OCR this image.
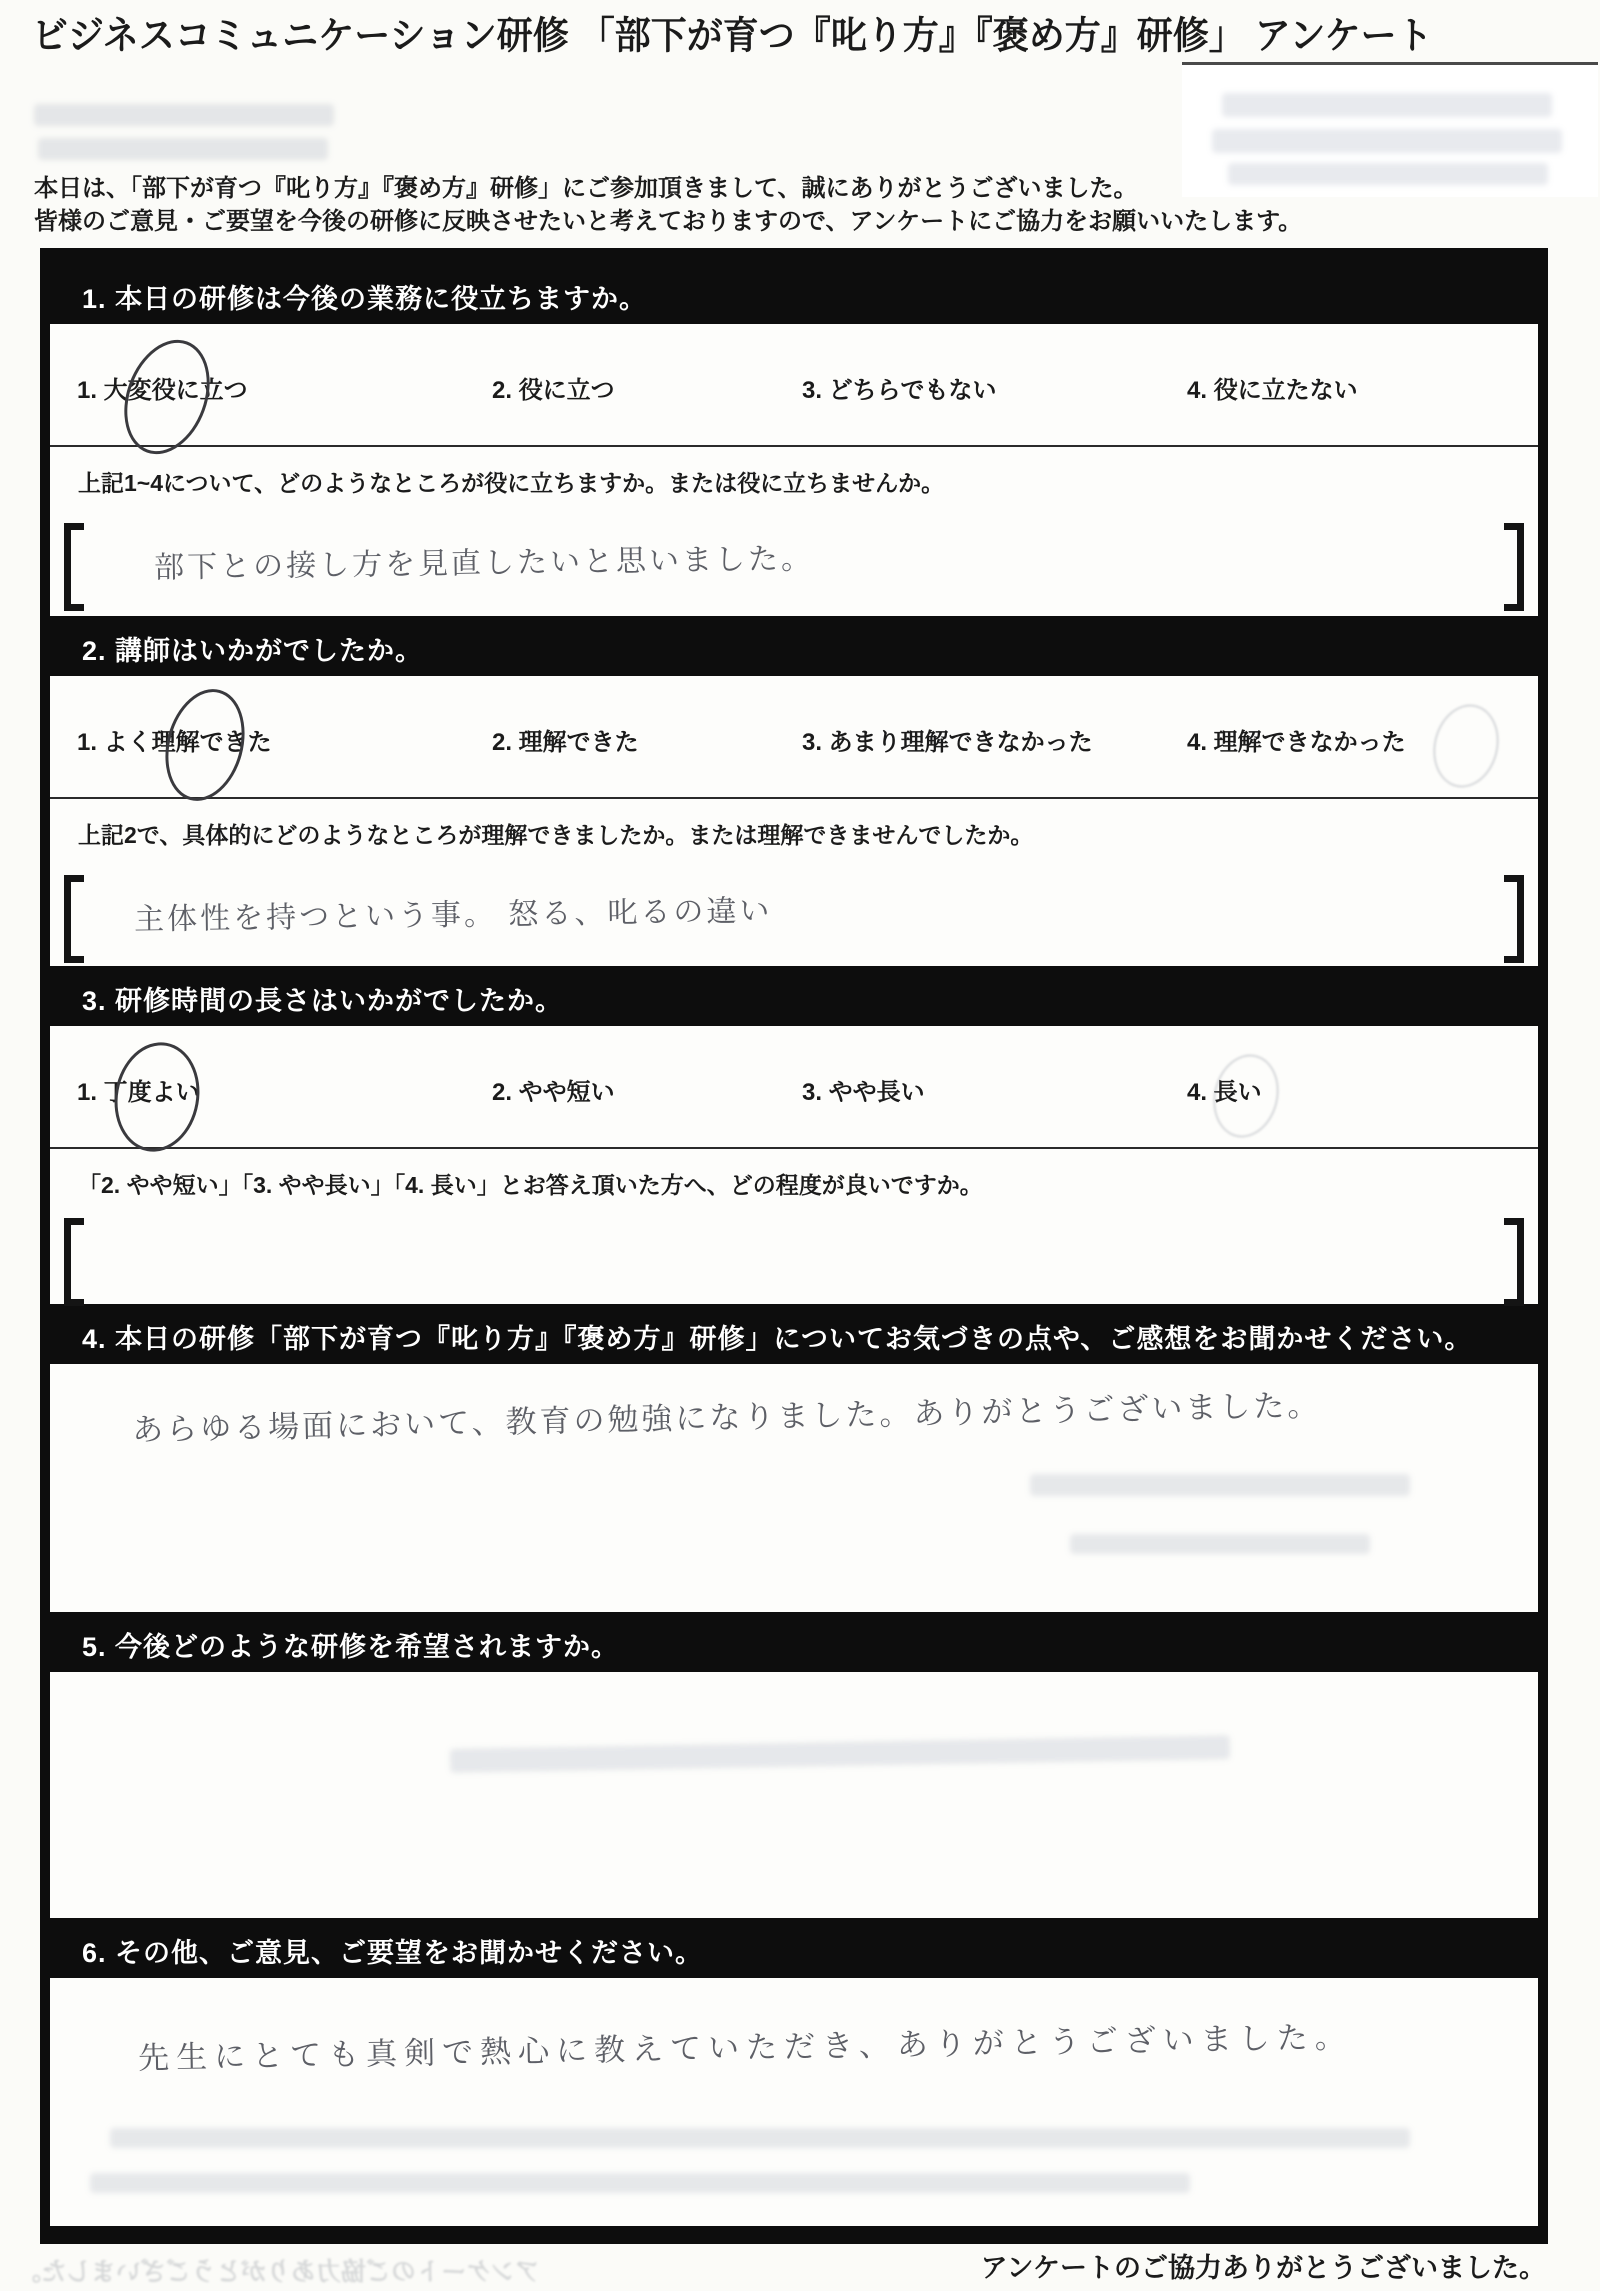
ビジネスコミュニケーション研修 「部下が育つ『叱り方』『褒め方』研修」 アンケート
本日は、「部下が育つ『叱り方』『褒め方』研修」にご参加頂きまして、誠にありがとうございました。
皆様のご意見・ご要望を今後の研修に反映させたいと考えておりますので、アンケートにご協力をお願いいたします。
1. 本日の研修は今後の業務に役立ちますか。
1. 大変役に立つ	2. 役に立つ	3. どちらでもない	4. 役に立たない
上記1~4について、どのようなところが役に立ちますか。または役に立ちませんか。
部下との接し方を見直したいと思いました。
2. 講師はいかがでしたか。
1. よく理解できた	2. 理解できた	3. あまり理解できなかった	4. 理解できなかった
上記2で、具体的にどのようなところが理解できましたか。または理解できませんでしたか。
主体性を持つという事。 怒る、叱るの違い
3. 研修時間の長さはいかがでしたか。
1. 丁度よい	2. やや短い	3. やや長い	4. 長い
「2. やや短い」「3. やや長い」「4. 長い」とお答え頂いた方へ、どの程度が良いですか。
4. 本日の研修「部下が育つ『叱り方』『褒め方』研修」についてお気づきの点や、ご感想をお聞かせください。
あらゆる場面において、教育の勉強になりました。ありがとうございました。
5. 今後どのような研修を希望されますか。
6. その他、ご意見、ご要望をお聞かせください。
先生にとても真剣で熱心に教えていただき、ありがとうございました。
アンケートのご協力ありがとうございました。
アンケートのご協力ありがとうございました。
